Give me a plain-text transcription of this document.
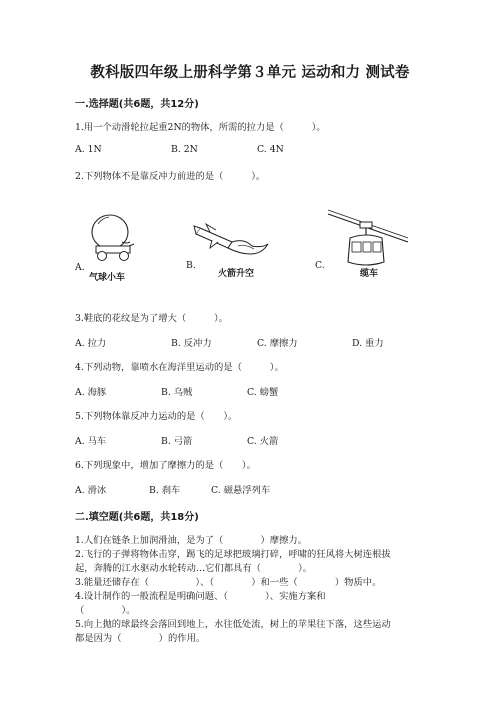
教科版四年级上册科学第３单元 运动和力 测试卷
一.选择题(共6题，共12分)
1.用一个动滑轮拉起重2N的物体，所需的拉力是（　　　）。
A. 1N	B. 2N	C. 4N
2.下列物体不是靠反冲力前进的是（　　　）。
A.
气球小车
B.
火箭升空
C.
缆车
3.鞋底的花纹是为了增大（　　　）。
A. 拉力	B. 反冲力	C. 摩擦力	D. 重力
4.下列动物，靠喷水在海洋里运动的是（　　　）。
A. 海豚	B. 乌贼	C. 螃蟹
5.下列物体靠反冲力运动的是（　　）。
A. 马车	B. 弓箭	C. 火箭
6.下列现象中，增加了摩擦力的是（　　）。
A. 滑冰	B. 刹车	C. 磁悬浮列车
二.填空题(共6题，共18分)
1.人们在链条上加润滑油，是为了（　　　　）摩擦力。
2.飞行的子弹将物体击穿，踢飞的足球把玻璃打碎，呼啸的狂风将大树连根拔
起，奔腾的江水驱动水轮转动…它们都具有（　　　　）。
3.能量还储存在（　　　　　）、（　　　　）和一些（　　　　）物质中。
4.设计制作的一般流程是明确问题、（　　　　）、实施方案和
（　　　　）。
5.向上抛的球最终会落回到地上，水往低处流，树上的苹果往下落，这些运动
都是因为（　　　　）的作用。
